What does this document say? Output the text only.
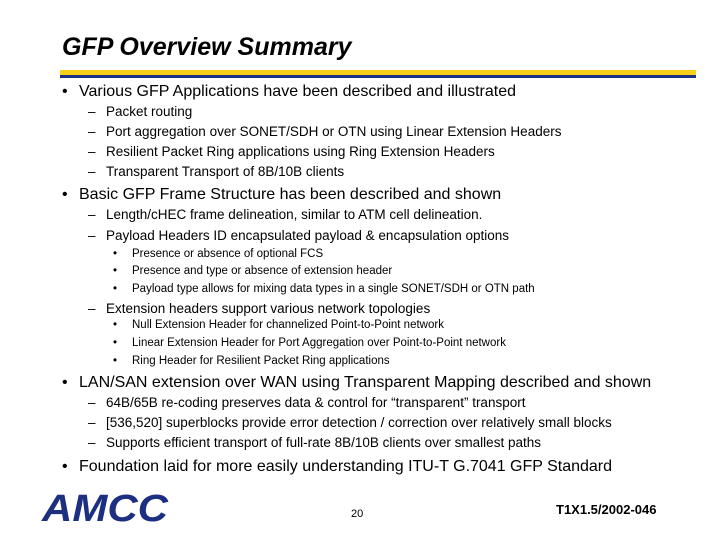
GFP Overview Summary
• Various GFP Applications have been described and illustrated
– Packet routing
– Port aggregation over SONET/SDH or OTN using Linear Extension Headers
– Resilient Packet Ring applications using Ring Extension Headers
– Transparent Transport of 8B/10B clients
• Basic GFP Frame Structure has been described and shown
– Length/cHEC frame delineation, similar to ATM cell delineation.
– Payload Headers ID encapsulated payload & encapsulation options
• Presence or absence of optional FCS
• Presence and type or absence of extension header
• Payload type allows for mixing data types in a single SONET/SDH or OTN path
– Extension headers support various network topologies
• Null Extension Header for channelized Point-to-Point network
• Linear Extension Header for Port Aggregation over Point-to-Point network
• Ring Header for Resilient Packet Ring applications
• LAN/SAN extension over WAN using Transparent Mapping described and shown
– 64B/65B re-coding preserves data & control for “transparent” transport
– [536,520] superblocks provide error detection / correction over relatively small blocks
– Supports efficient transport of full-rate 8B/10B clients over smallest paths
• Foundation laid for more easily understanding ITU-T G.7041 GFP Standard
AMCC	20	T1X1.5/2002-046
